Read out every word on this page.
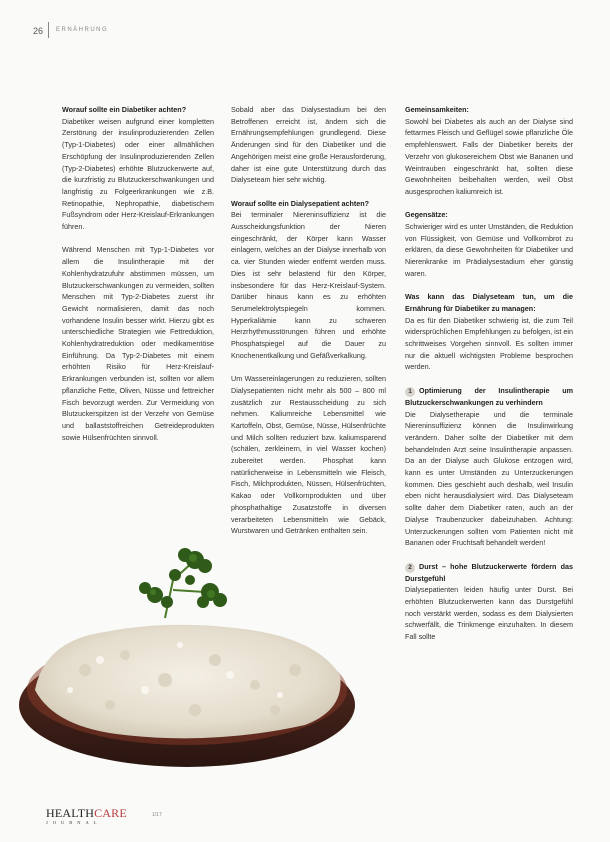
26 ERNÄHRUNG

Worauf sollte ein Diabetiker achten?
Diabetiker weisen aufgrund einer kompletten Zerstörung der insulinproduzierenden Zellen (Typ-1-Diabetes) oder einer allmählichen Erschöpfung der Insulinproduzierenden Zellen (Typ-2-Diabetes) erhöhte Blutzuckerwerte auf, die kurzfristig zu Blutzuckerschwankungen und langfristig zu Folgeerkrankungen wie z.B. Retinopathie, Nephropathie, diabetischem Fußsyndrom oder Herz-Kreislauf-Erkrankungen führen.

Während Menschen mit Typ-1-Diabetes vor allem die Insulintherapie mit der Kohlenhydratzufuhr abstimmen müssen, um Blutzuckerschwankungen zu vermeiden, sollten Menschen mit Typ-2-Diabetes zuerst ihr Gewicht normalisieren, damit das noch vorhandene Insulin besser wirkt. Hierzu gibt es unterschiedliche Strategien wie Fettreduktion, Kohlenhydratreduktion oder medikamentöse Einführung. Da Typ-2-Diabetes mit einem erhöhten Risiko für Herz-Kreislauf-Erkrankungen verbunden ist, sollten vor allem pflanzliche Fette, Oliven, Nüsse und fettreicher Fisch bevorzugt werden. Zur Vermeidung von Blutzuckerspitzen ist der Verzehr von Gemüse und ballaststoffreichen Getreideprodukten sowie Hülsenfrüchten sinnvoll.

Sobald aber das Dialysestadium bei den Betroffenen erreicht ist, ändern sich die Ernährungsempfehlungen grundlegend. Diese Änderungen sind für den Diabetiker und die Angehörigen meist eine große Herausforderung, daher ist eine gute Unterstützung durch das Dialyseteam hier sehr wichtig.

Worauf sollte ein Dialysepatient achten?
Bei terminaler Niereninsuffizienz ist die Ausscheidungsfunktion der Nieren eingeschränkt, der Körper kann Wasser einlagern, welches an der Dialyse innerhalb von ca. vier Stunden wieder entfernt werden muss. Dies ist sehr belastend für den Körper, insbesondere für das Herz-Kreislauf-System. Darüber hinaus kann es zu erhöhten Serumelektrolytspiegeln kommen. Hyperkaliämie kann zu schweren Herzrhythmusstörungen führen und erhöhte Phosphatspiegel auf die Dauer zu Knochenentkalkung und Gefäßverkalkung.

Um Wassereinlagerungen zu reduzieren, sollten Dialysepatienten nicht mehr als 500 – 800 ml zusätzlich zur Restausscheidung zu sich nehmen. Kaliumreiche Lebensmittel wie Kartoffeln, Obst, Gemüse, Nüsse, Hülsenfrüchte und Milch sollten reduziert bzw. kaliumsparend (schälen, zerkleinern, in viel Wasser kochen) zubereitet werden. Phosphat kann natürlicherweise in Lebensmitteln wie Fleisch, Fisch, Milchprodukten, Nüssen, Hülsenfrüchten, Kakao oder Vollkornprodukten und über phosphathaltige Zusatzstoffe in diversen verarbeiteten Lebensmitteln wie Gebäck, Wurstwaren und Getränken enthalten sein.

Gemeinsamkeiten:
Sowohl bei Diabetes als auch an der Dialyse sind fettarmes Fleisch und Geflügel sowie pflanzliche Öle empfehlenswert. Falls der Diabetiker bereits der Verzehr von glukosereichem Obst wie Bananen und Weintrauben eingeschränkt hat, sollten diese Gewohnheiten beibehalten werden, weil Obst ausgesprochen kaliumreich ist.

Gegensätze:
Schwieriger wird es unter Umständen, die Reduktion von Flüssigkeit, von Gemüse und Vollkornbrot zu erklären, da diese Gewohnheiten für Diabetiker und Nierenkranke im Prädialysestadium eher günstig waren.

Was kann das Dialyseteam tun, um die Ernährung für Diabetiker zu managen:
Da es für den Diabetiker schwierig ist, die zum Teil widersprüchlichen Empfehlungen zu befolgen, ist ein schrittweises Vorgehen sinnvoll. Es sollten immer nur die aktuell wichtigsten Probleme besprochen werden.

1 Optimierung der Insulintherapie um Blutzuckerschwankungen zu verhindern
Die Dialysetherapie und die terminale Niereninsuffizienz können die Insulinwirkung verändern. Daher sollte der Diabetiker mit dem behandelnden Arzt seine Insulintherapie anpassen. Da an der Dialyse auch Glukose entzogen wird, kann es unter Umständen zu Unterzuckerungen kommen. Dies geschieht auch deshalb, weil Insulin eben nicht herausdialysiert wird. Das Dialyseteam sollte daher dem Diabetiker raten, auch an der Dialyse Traubenzucker dabeizuhaben. Achtung: Unterzuckerungen sollten vom Patienten nicht mit Bananen oder Fruchtsaft behandelt werden!

2 Durst – hohe Blutzuckerwerte fördern das Durstgefühl
Dialysepatienten leiden häufig unter Durst. Bei erhöhten Blutzuckerwerten kann das Durstgefühl noch verstärkt werden, sodass es dem Dialysierten schwerfällt, die Trinkmenge einzuhalten. In diesem Fall sollte

HEALTHCARE
JOURNAL
1/17
